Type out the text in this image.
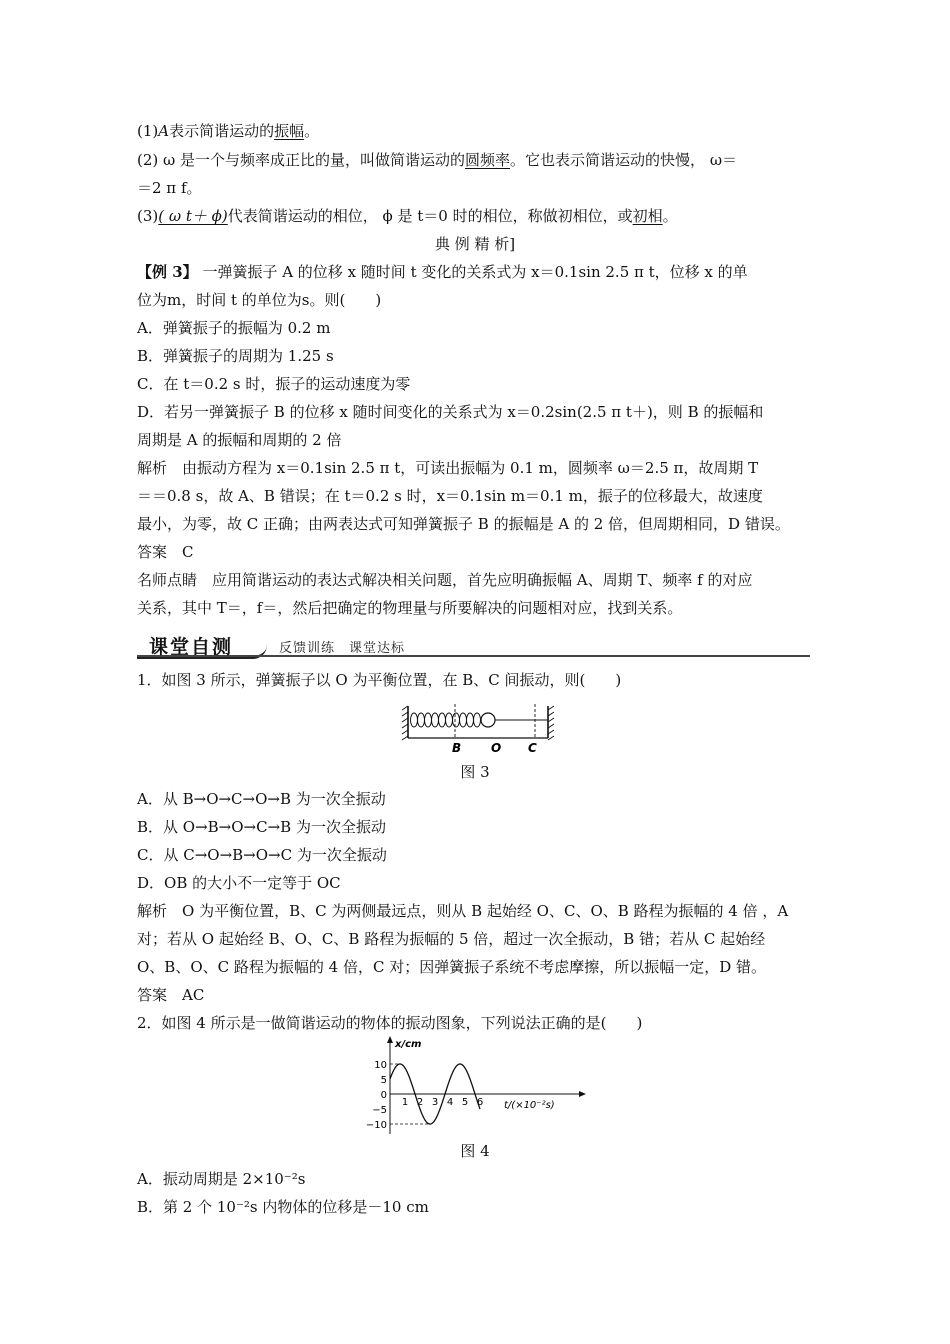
(1)A表示简谐运动的振幅。
(2) ω 是一个与频率成正比的量，叫做简谐运动的圆频率。它也表示简谐运动的快慢， ω＝
＝2 π f。
(3)( ω t＋ ϕ)代表简谐运动的相位， ϕ 是 t＝0 时的相位，称做初相位，或初相。
典 例 精 析]
【例 3】 一弹簧振子 A 的位移 x 随时间 t 变化的关系式为 x＝0.1sin 2.5 π t，位移 x 的单
位为m，时间 t 的单位为s。则(　　)
A．弹簧振子的振幅为 0.2 m
B．弹簧振子的周期为 1.25 s
C．在 t＝0.2 s 时，振子的运动速度为零
D．若另一弹簧振子 B 的位移 x 随时间变化的关系式为 x＝0.2sin(2.5 π t＋)，则 B 的振幅和
周期是 A 的振幅和周期的 2 倍
解析　由振动方程为 x＝0.1sin 2.5 π t，可读出振幅为 0.1 m，圆频率 ω＝2.5 π，故周期 T
＝＝0.8 s，故 A、B 错误；在 t＝0.2 s 时，x＝0.1sin m＝0.1 m，振子的位移最大，故速度
最小，为零，故 C 正确；由两表达式可知弹簧振子 B 的振幅是 A 的 2 倍，但周期相同，D 错误。
答案　C
名师点睛　应用简谐运动的表达式解决相关问题，首先应明确振幅 A、周期 T、频率 f 的对应
关系，其中 T＝，f＝，然后把确定的物理量与所要解决的问题相对应，找到关系。
课堂自测	反馈训练　课堂达标
1．如图 3 所示，弹簧振子以 O 为平衡位置，在 B、C 间振动，则(　　)
B O C
图 3
A．从 B→O→C→O→B 为一次全振动
B．从 O→B→O→C→B 为一次全振动
C．从 C→O→B→O→C 为一次全振动
D．OB 的大小不一定等于 OC
解析　O 为平衡位置，B、C 为两侧最远点，则从 B 起始经 O、C、O、B 路程为振幅的 4 倍 ，A
对；若从 O 起始经 B、O、C、B 路程为振幅的 5 倍，超过一次全振动，B 错；若从 C 起始经
O、B、O、C 路程为振幅的 4 倍，C 对；因弹簧振子系统不考虑摩擦，所以振幅一定，D 错。
答案　AC
2．如图 4 所示是一做简谐运动的物体的振动图象，下列说法正确的是(　　)
x/cm
t/(×10⁻²s)
10
5
0
−5
−10
1 2 3 4 5 6
图 4
A．振动周期是 2×10⁻²s
B．第 2 个 10⁻²s 内物体的位移是－10 cm
